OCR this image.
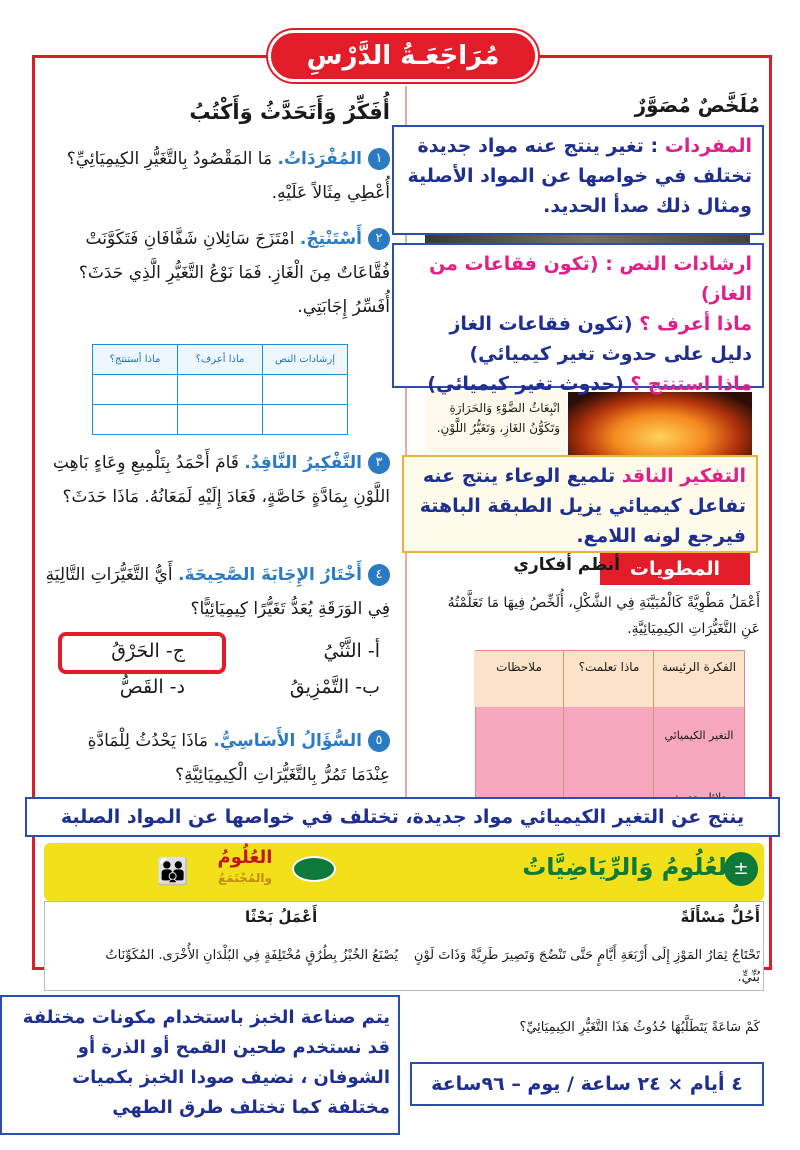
مُرَاجَعَـةُ الدَّرْسِ
مُلَخَّصٌ مُصَوَّرٌ
أُفَكِّرُ وَأَتَحَدَّثُ وَأَكْتُبُ
١المُفْرَدَاتُ. مَا المَقْصُودُ بِالتَّغَيُّرِ الكِيمِيَائِيِّ؟ أُعْطِي مِثَالاً عَلَيْهِ.
٢أَسْتَنْتِجُ. امْتَزَجَ سَائِلانِ شَفَّافَانِ فَتَكَوَّنَتْ فُقَّاعَاتٌ مِنَ الْغَازِ. فَمَا نَوْعُ التَّغَيُّرِ الَّذِي حَدَثَ؟ أُفَسِّرُ إِجَابَتِي.
إرشادات النص	ماذا أعرف؟	ماذا أستنتج؟

٣التَّفْكِيرُ النَّاقِدُ. قَامَ أَحْمَدُ بِتَلْمِيعِ وِعَاءٍ بَاهِتِ اللَّوْنِ بِمَادَّةٍ خَاصَّةٍ، فَعَادَ إِلَيْهِ لَمَعَانُهُ. مَاذَا حَدَثَ؟
٤أَخْتَارُ الإِجَابَةَ الصَّحِيحَةَ. أَيُّ التَّغَيُّرَاتِ التَّالِيَةِ فِي الوَرَقَةِ يُعَدُّ تَغَيُّرًا كِيمِيَائِيًّا؟
أ- الثَّنْيُ
ج- الحَرْقُ
ب- التَّمْزِيقُ
د- القَصُّ
٥السُّؤَالُ الأَسَاسِيُّ. مَاذَا يَحْدُثُ لِلْمَادَّةِ عِنْدَمَا تَمُرُّ بِالتَّغَيُّرَاتِ الْكِيمِيَائِيَّةِ؟
انْبِعَاثُ الضَّوْءِ وَالحَرَارَةِ وَتَكَوُّنُ الغَازِ، وَتَغَيُّرُ اللَّوْنِ.
المطويات
أنظم أفكاري
أَعْمَلُ مَطْوِيَّةً كَالْمُبَيَّنَةِ فِي الشَّكْلِ، أُلَخِّصُ فِيهَا مَا تَعَلَّمْتُهُ عَنِ التَّغَيُّرَاتِ الكِيمِيَائِيَّةِ.
الفكرة الرئيسة
ماذا تعلمت؟
ملاحظات
التغير الكيميائي
المفردات : تغير ينتج عنه مواد جديدة تختلف في خواصها عن المواد الأصلية ومثال ذلك صدأ الحديد.
ارشادات النص : (تكون فقاعات من الغاز)
ماذا أعرف ؟ (تكون فقاعات الغاز دليل على حدوث تغير كيميائي)
ماذا استنتج ؟ (حدوث تغير كيميائي)
التفكير الناقد تلميع الوعاء ينتج عنه تفاعل كيميائي يزيل الطبقة الباهتة فيرجع لونه اللامع.
ينتج عن التغير الكيميائي مواد جديدة، تختلف في خواصها عن المواد الصلبة
±
العُلُومُ وَالرِّيَاضِيَّاتُ
العُلُومُ
والمُجْتَمَعُ
👪
أَحُلُّ مَسْأَلَةً
تَحْتَاجُ ثِمَارُ المَوْزِ إِلَى أَرْبَعَةِ أَيَّامٍ حَتَّى تَنْضُجَ وَتَصِيرَ طَرِيَّةً وَذَاتَ لَوْنٍ بُنِّيٍّ.
كَمْ سَاعَةً يَتَطَلَّبُهَا حُدُوثُ هَذَا التَّغَيُّرِ الكِيمِيَائِيِّ؟
أَعْمَلُ بَحْثًا
يُصْنَعُ الخُبْزُ بِطُرُقٍ مُخْتَلِفَةٍ فِي البُلْدَانِ الأُخْرَى. المُكَوِّنَاتُ
يتم صناعة الخبز باستخدام مكونات مختلفة قد نستخدم طحين القمح أو الذرة أو الشوفان ، نضيف صودا الخبز بكميات مختلفة كما تختلف طرق الطهي
٤ أيام × ٢٤ ساعة / يوم – ٩٦ساعة
